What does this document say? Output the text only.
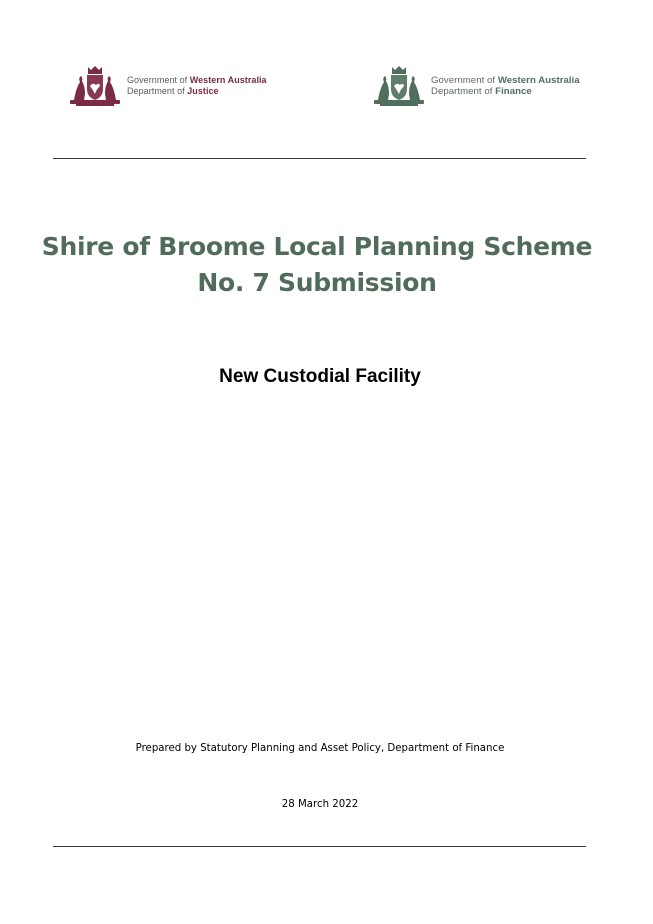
Government of Western Australia
Department of Justice
Government of Western Australia
Department of Finance
Shire of Broome Local Planning Scheme
No. 7 Submission
New Custodial Facility
Prepared by Statutory Planning and Asset Policy, Department of Finance
28 March 2022
